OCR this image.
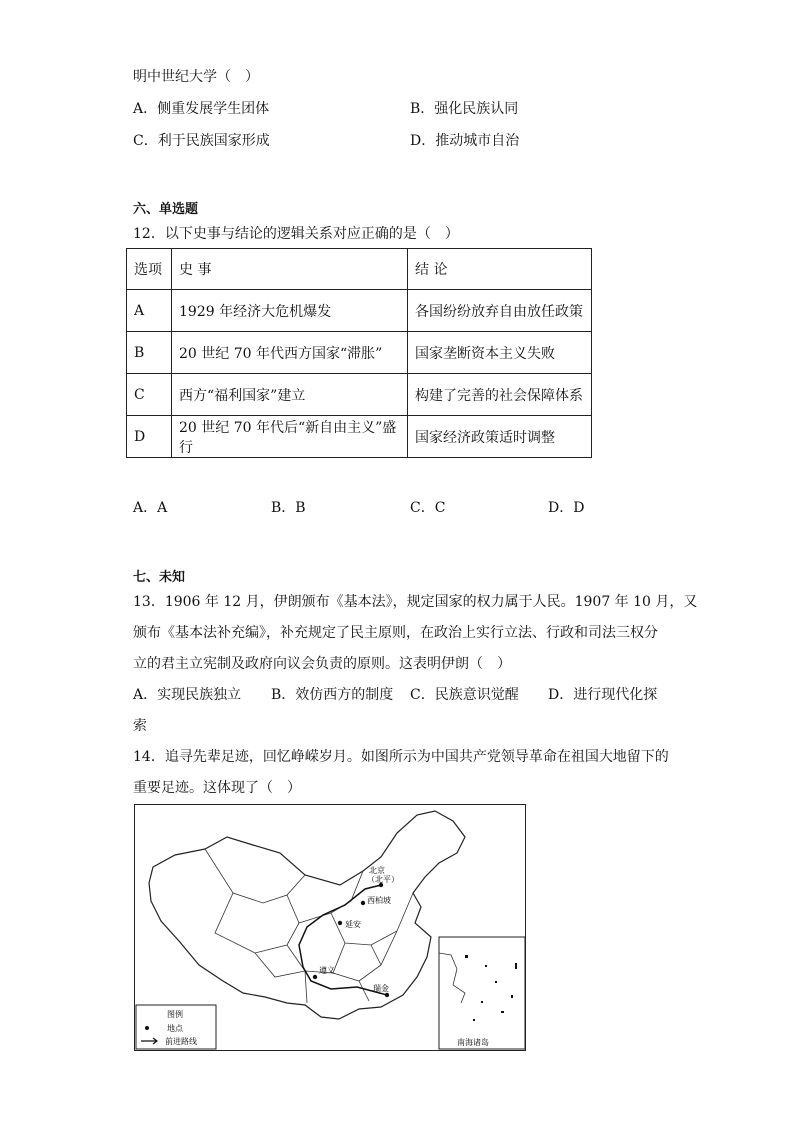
明中世纪大学（　）
A．侧重发展学生团体	B．强化民族认同
C．利于民族国家形成	D．推动城市自治
六、单选题
12．以下史事与结论的逻辑关系对应正确的是（　）
选项	史 事	结 论
A	1929 年经济大危机爆发	各国纷纷放弃自由放任政策
B	20 世纪 70 年代西方国家“滞胀”	国家垄断资本主义失败
C	西方“福利国家”建立	构建了完善的社会保障体系
D	20 世纪 70 年代后“新自由主义”盛行	国家经济政策适时调整
A．A	B．B	C．C	D．D
七、未知
13．1906 年 12 月，伊朗颁布《基本法》，规定国家的权力属于人民。1907 年 10 月，又
颁布《基本法补充编》，补充规定了民主原则，在政治上实行立法、行政和司法三权分
立的君主立宪制及政府向议会负责的原则。这表明伊朗（　）
A．实现民族独立 B．效仿西方的制度 C．民族意识觉醒 D．进行现代化探
索
14．追寻先辈足迹，回忆峥嵘岁月。如图所示为中国共产党领导革命在祖国大地留下的
重要足迹。这体现了（　）
北京
（北平）
西柏坡
延安
遵义
瑞金
图例
地点
前进路线	南海诸岛
